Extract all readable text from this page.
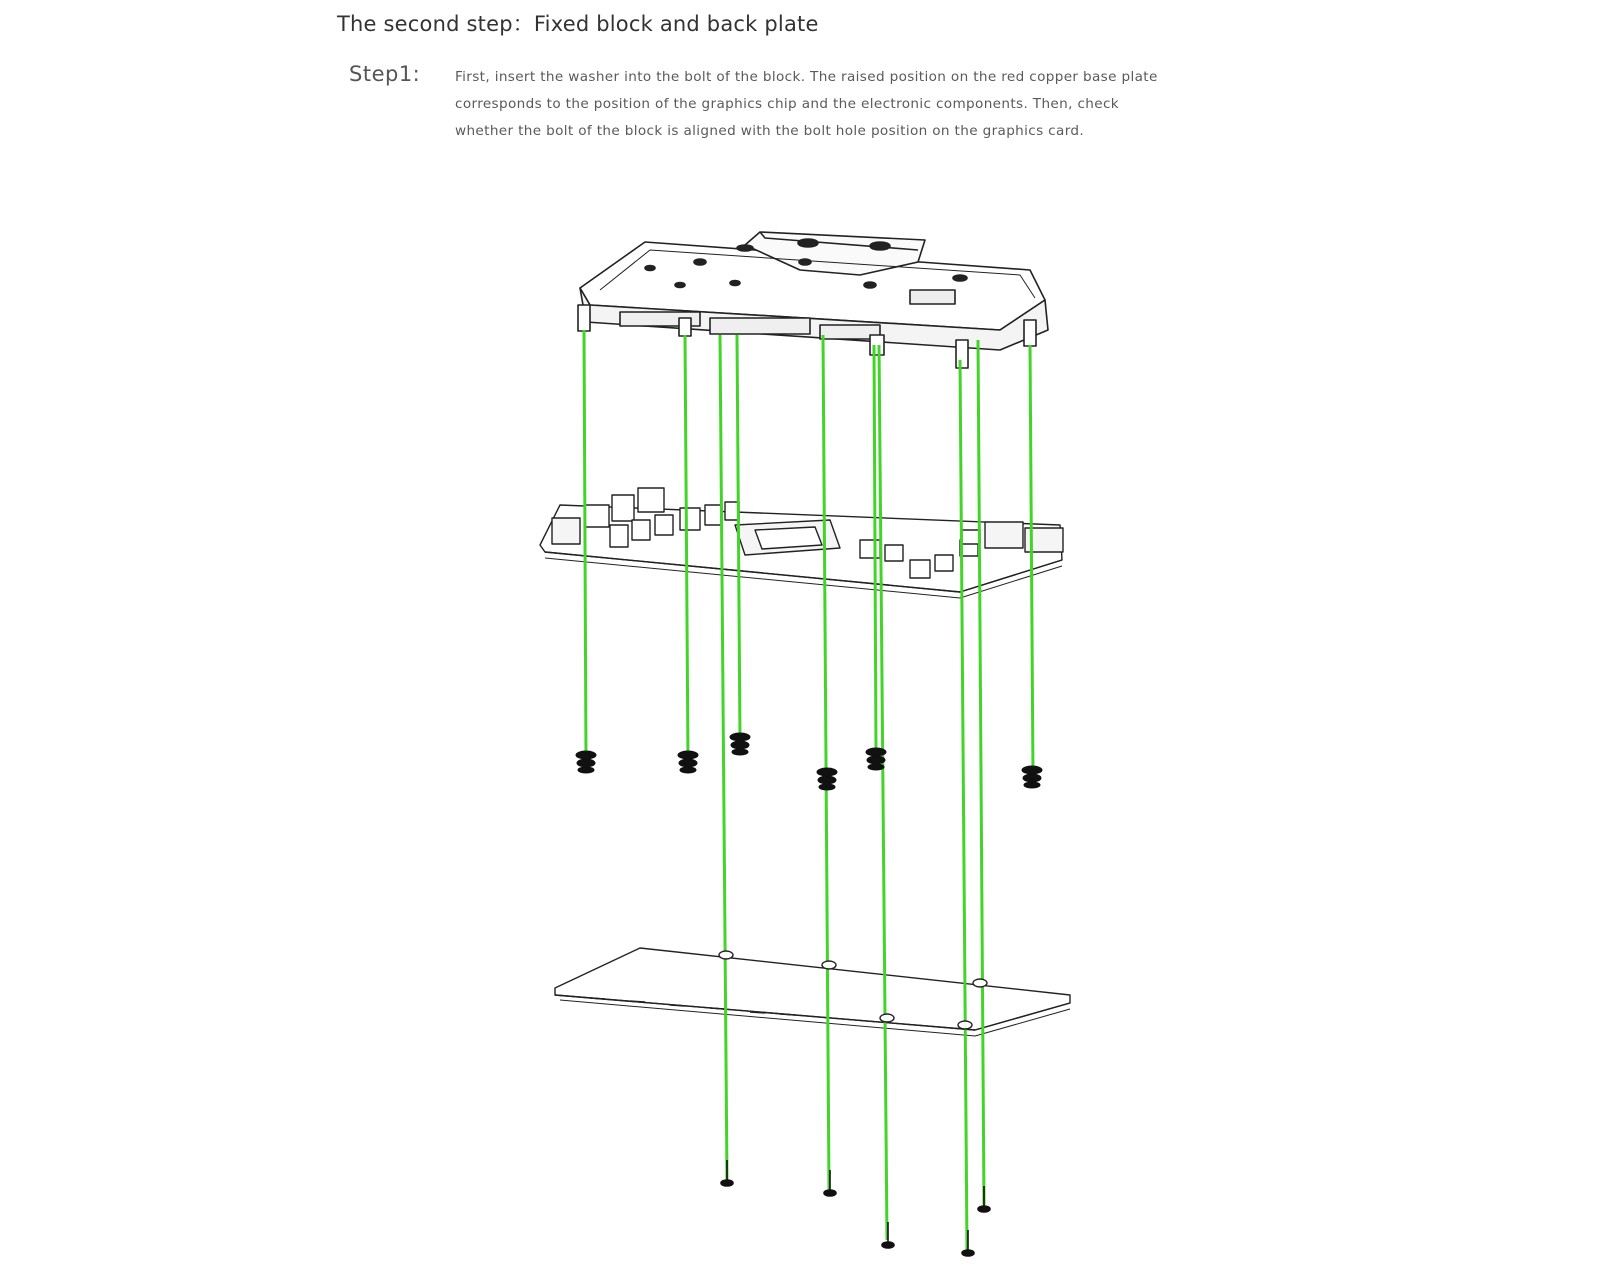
The second step：Fixed block and back plate
Step1:	First, insert the washer into the bolt of the block. The raised position on the red copper base plate
corresponds to the position of the graphics chip and the electronic components. Then, check
whether the bolt of the block is aligned with the bolt hole position on the graphics card.
